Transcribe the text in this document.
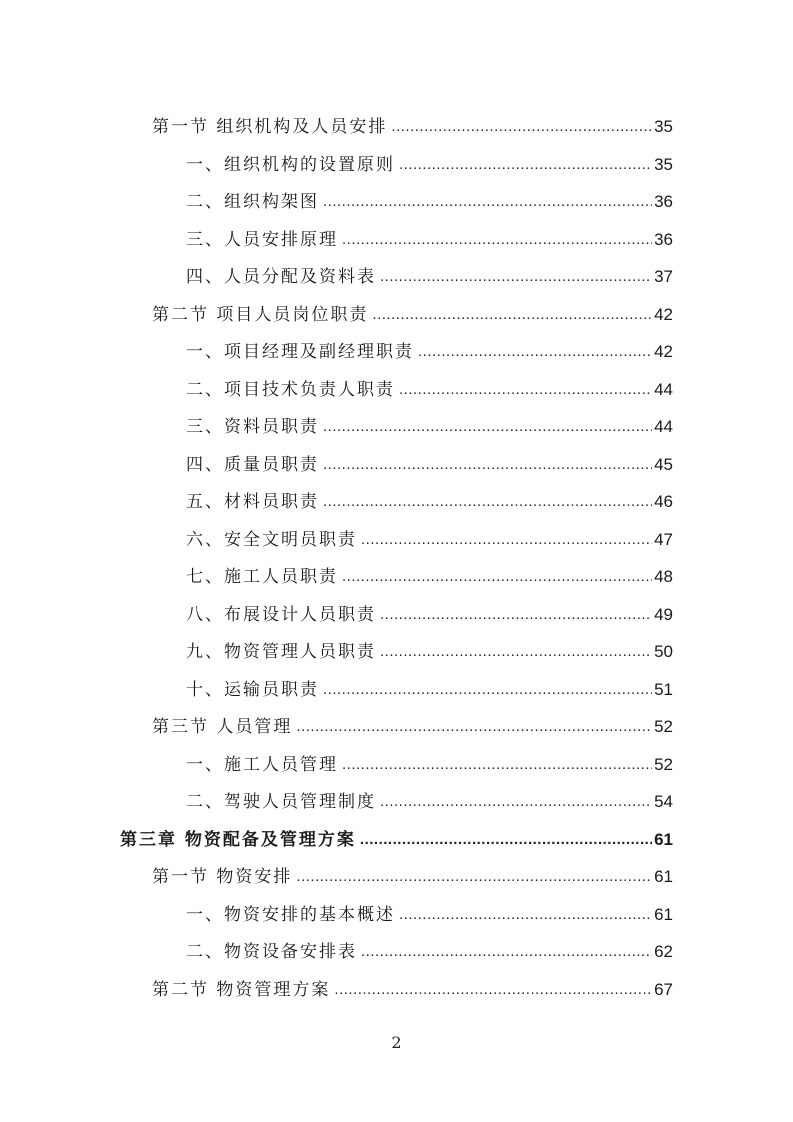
第一节 组织机构及人员安排 .....	35
一、组织机构的设置原则 .....	35
二、组织构架图 .....	36
三、人员安排原理 .....	36
四、人员分配及资料表 .....	37
第二节 项目人员岗位职责 .....	42
一、项目经理及副经理职责 .....	42
二、项目技术负责人职责 .....	44
三、资料员职责 .....	44
四、质量员职责 .....	45
五、材料员职责 .....	46
六、安全文明员职责 .....	47
七、施工人员职责 .....	48
八、布展设计人员职责 .....	49
九、物资管理人员职责 .....	50
十、运输员职责 .....	51
第三节 人员管理 .....	52
一、施工人员管理 .....	52
二、驾驶人员管理制度 .....	54
第三章 物资配备及管理方案 .....	61
第一节 物资安排 .....	61
一、物资安排的基本概述 .....	61
二、物资设备安排表 .....	62
第二节 物资管理方案 .....	67
2
